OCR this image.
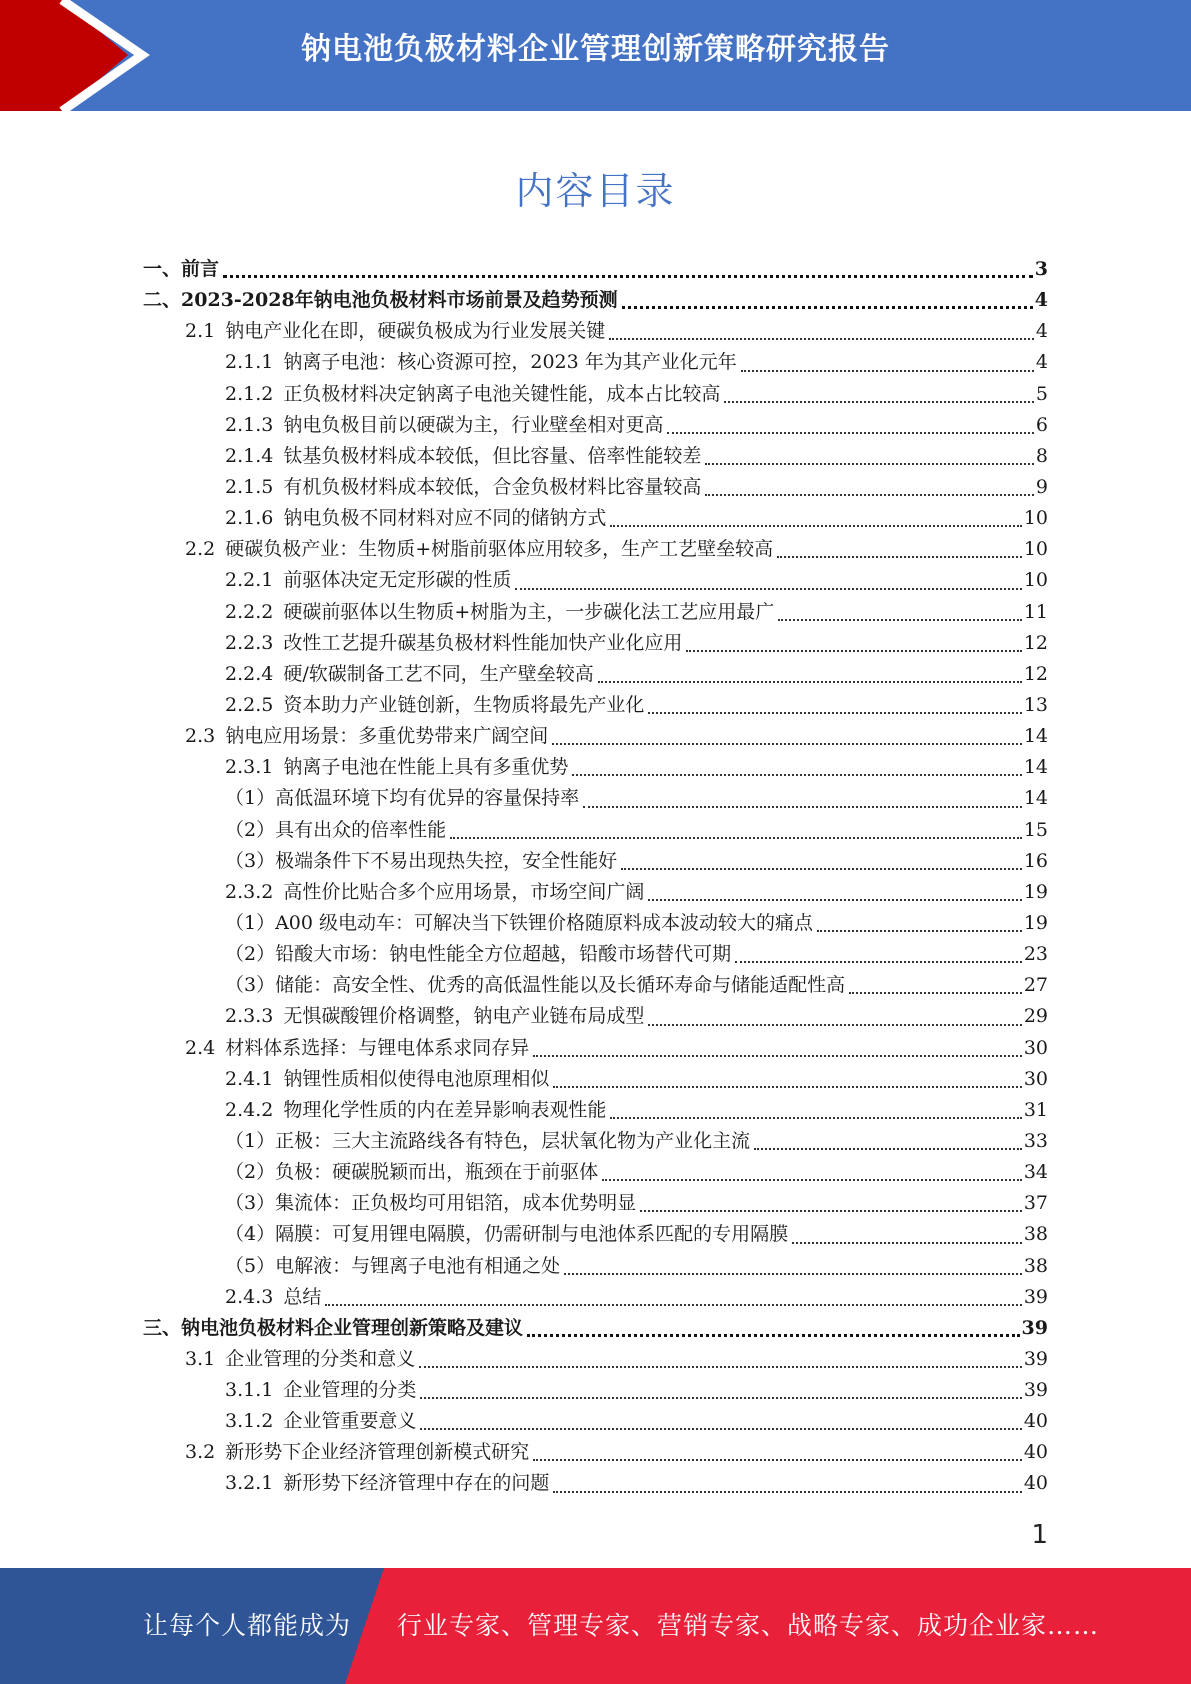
钠电池负极材料企业管理创新策略研究报告
内容目录
一、 前言	3
二、 2023-2028年钠电池负极材料市场前景及趋势预测	4
2.1 钠电产业化在即，硬碳负极成为行业发展关键	4
2.1.1 钠离子电池：核心资源可控，2023 年为其产业化元年	4
2.1.2 正负极材料决定钠离子电池关键性能，成本占比较高	5
2.1.3 钠电负极目前以硬碳为主，行业壁垒相对更高	6
2.1.4 钛基负极材料成本较低，但比容量、倍率性能较差	8
2.1.5 有机负极材料成本较低，合金负极材料比容量较高	9
2.1.6 钠电负极不同材料对应不同的储钠方式	10
2.2 硬碳负极产业：生物质+树脂前驱体应用较多，生产工艺壁垒较高	10
2.2.1 前驱体决定无定形碳的性质	10
2.2.2 硬碳前驱体以生物质+树脂为主，一步碳化法工艺应用最广	11
2.2.3 改性工艺提升碳基负极材料性能加快产业化应用	12
2.2.4 硬/软碳制备工艺不同，生产壁垒较高	12
2.2.5 资本助力产业链创新，生物质将最先产业化	13
2.3 钠电应用场景：多重优势带来广阔空间	14
2.3.1 钠离子电池在性能上具有多重优势	14
（1）高低温环境下均有优异的容量保持率	14
（2）具有出众的倍率性能	15
（3）极端条件下不易出现热失控，安全性能好	16
2.3.2 高性价比贴合多个应用场景，市场空间广阔	19
（1）A00 级电动车：可解决当下铁锂价格随原料成本波动较大的痛点	19
（2）铅酸大市场：钠电性能全方位超越，铅酸市场替代可期	23
（3）储能：高安全性、优秀的高低温性能以及长循环寿命与储能适配性高	27
2.3.3 无惧碳酸锂价格调整，钠电产业链布局成型	29
2.4 材料体系选择：与锂电体系求同存异	30
2.4.1 钠锂性质相似使得电池原理相似	30
2.4.2 物理化学性质的内在差异影响表观性能	31
（1）正极：三大主流路线各有特色，层状氧化物为产业化主流	33
（2）负极：硬碳脱颖而出，瓶颈在于前驱体	34
（3）集流体：正负极均可用铝箔，成本优势明显	37
（4）隔膜：可复用锂电隔膜，仍需研制与电池体系匹配的专用隔膜	38
（5）电解液：与锂离子电池有相通之处	38
2.4.3 总结	39
三、 钠电池负极材料企业管理创新策略及建议	39
3.1 企业管理的分类和意义	39
3.1.1 企业管理的分类	39
3.1.2 企业管重要意义	40
3.2 新形势下企业经济管理创新模式研究	40
3.2.1 新形势下经济管理中存在的问题	40
1
让每个人都能成为 行业专家、管理专家、营销专家、战略专家、成功企业家……
